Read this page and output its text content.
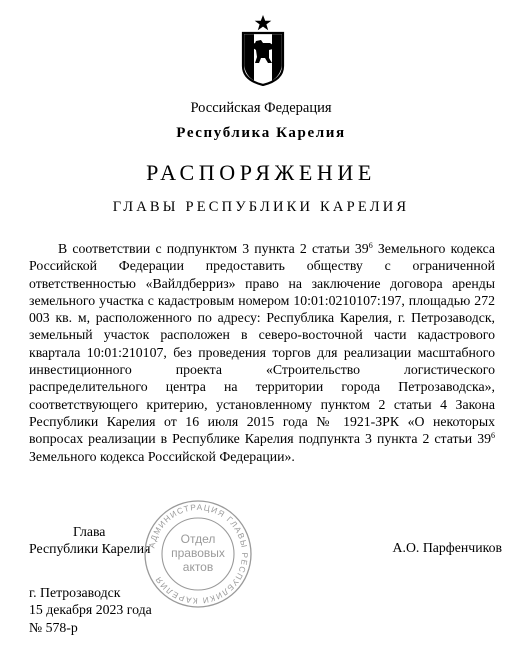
Российская Федерация
Республика Карелия
РАСПОРЯЖЕНИЕ
ГЛАВЫ РЕСПУБЛИКИ КАРЕЛИЯ

В соответствии с подпунктом 3 пункта 2 статьи $39^6$ Земельного кодекса Российской Федерации предоставить обществу с ограниченной ответственностью «Вайлдберриз» право на заключение договора аренды земельного участка с кадастровым номером 10:01:0210107:197, площадью 272 003 кв. м, расположенного по адресу: Республика Карелия, г. Петрозаводск, земельный участок расположен в северо-восточной части кадастрового квартала 10:01:210107, без проведения торгов для реализации масштабного инвестиционного проекта «Строительство логистического распределительного центра на территории города Петрозаводска», соответствующего критерию, установленному пунктом 2 статьи 4 Закона Республики Карелия от 16 июля 2015 года № 1921-ЗРК «О некоторых вопросах реализации в Республике Карелия подпункта 3 пункта 2 статьи $39^6$ Земельного кодекса Российской Федерации».

Глава
Республики Карелия
АДМИНИСТРАЦИЯ ГЛАВЫ РЕСПУБЛИКИ КАРЕЛИЯ
Отдел
правовых
актов
А.О. Парфенчиков
г. Петрозаводск
15 декабря 2023 года
№ 578-р
